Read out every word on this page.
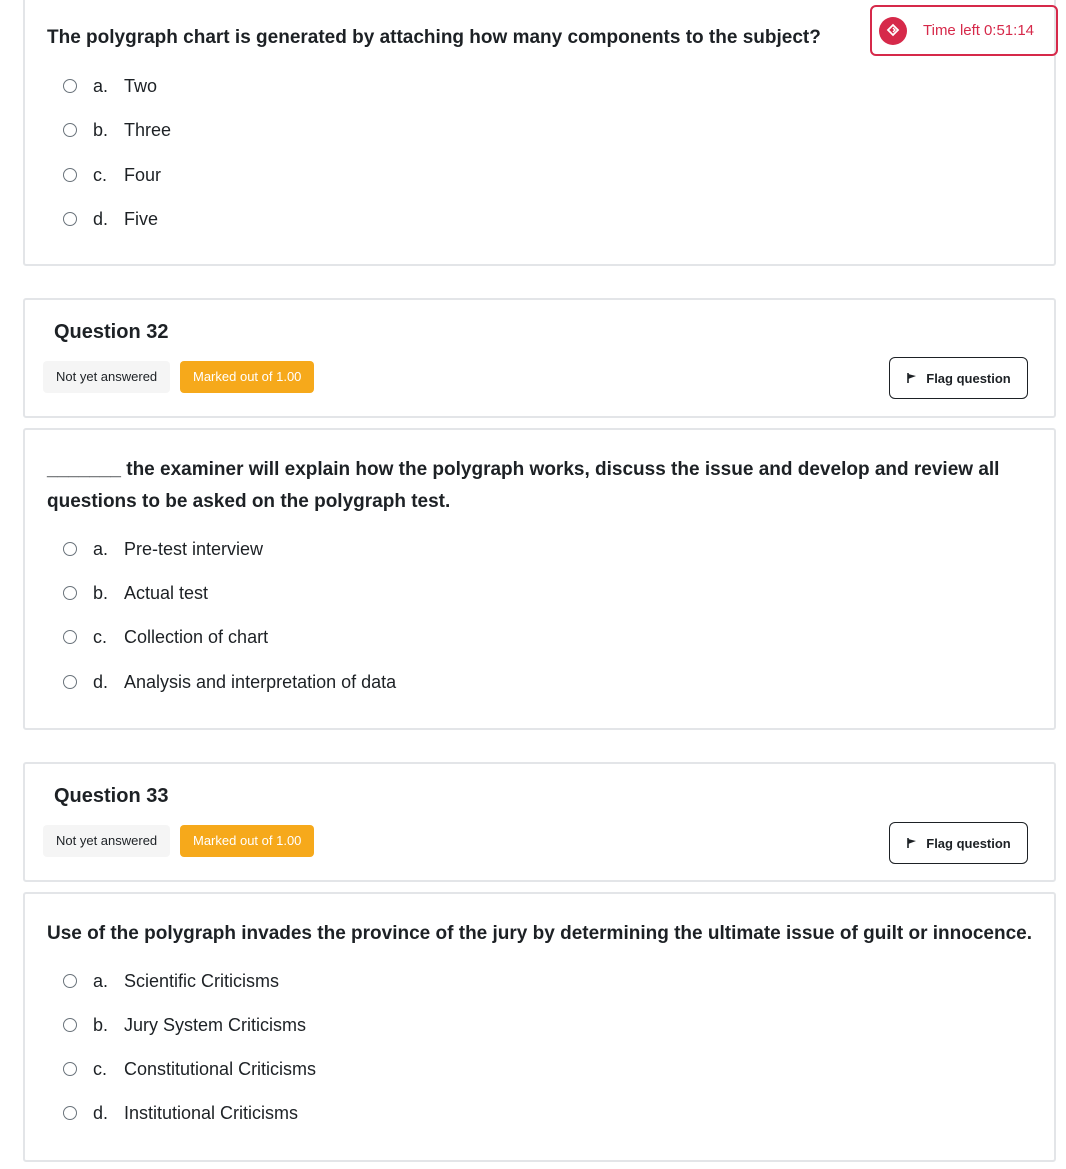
The polygraph chart is generated by attaching how many components to the subject?
a. Two
b. Three
c. Four
d. Five
Time left 0:51:14
Question 32
Not yet answered	Marked out of 1.00	Flag question
_______ the examiner will explain how the polygraph works, discuss the issue and develop and review all
questions to be asked on the polygraph test.
a. Pre-test interview
b. Actual test
c. Collection of chart
d. Analysis and interpretation of data
Question 33
Not yet answered	Marked out of 1.00	Flag question
Use of the polygraph invades the province of the jury by determining the ultimate issue of guilt or innocence.
a. Scientific Criticisms
b. Jury System Criticisms
c. Constitutional Criticisms
d. Institutional Criticisms
